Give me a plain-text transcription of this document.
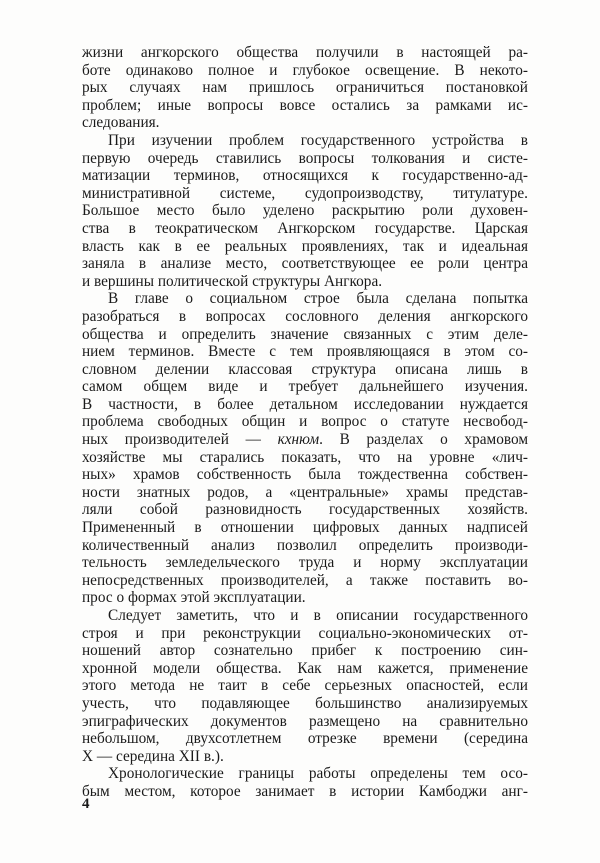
жизни ангкорского общества получили в настоящей ра-
боте одинаково полное и глубокое освещение. В некото-
рых случаях нам пришлось ограничиться постановкой
проблем; иные вопросы вовсе остались за рамками ис-
следования.
При изучении проблем государственного устройства в
первую очередь ставились вопросы толкования и систе-
матизации терминов, относящихся к государственно-ад-
министративной системе, судопроизводству, титулатуре.
Большое место было уделено раскрытию роли духовен-
ства в теократическом Ангкорском государстве. Царская
власть как в ее реальных проявлениях, так и идеальная
заняла в анализе место, соответствующее ее роли центра
и вершины политической структуры Ангкора.
В главе о социальном строе была сделана попытка
разобраться в вопросах сословного деления ангкорского
общества и определить значение связанных с этим деле-
нием терминов. Вместе с тем проявляющаяся в этом со-
словном делении классовая структура описана лишь в
самом общем виде и требует дальнейшего изучения.
В частности, в более детальном исследовании нуждается
проблема свободных общин и вопрос о статуте несвобод-
ных производителей — кхнюм. В разделах о храмовом
хозяйстве мы старались показать, что на уровне «лич-
ных» храмов собственность была тождественна собствен-
ности знатных родов, а «центральные» храмы представ-
ляли собой разновидность государственных хозяйств.
Примененный в отношении цифровых данных надписей
количественный анализ позволил определить производи-
тельность земледельческого труда и норму эксплуатации
непосредственных производителей, а также поставить во-
прос о формах этой эксплуатации.
Следует заметить, что и в описании государственного
строя и при реконструкции социально-экономических от-
ношений автор сознательно прибег к построению син-
хронной модели общества. Как нам кажется, применение
этого метода не таит в себе серьезных опасностей, если
учесть, что подавляющее большинство анализируемых
эпиграфических документов размещено на сравнительно
небольшом, двухсотлетнем отрезке времени (середина
X — середина XII в.).
Хронологические границы работы определены тем осо-
бым местом, которое занимает в истории Камбоджи анг-
4
